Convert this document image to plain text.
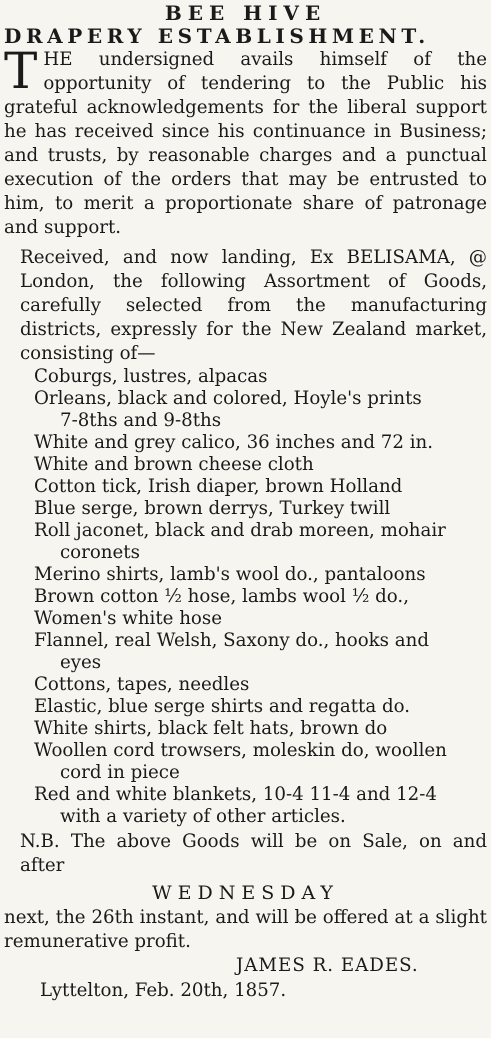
BEE HIVE
DRAPERY ESTABLISHMENT.

T HE undersigned avails himself of the opportunity of tendering to the Public his grateful acknowledgements for the liberal support he has received since his continuance in Business; and trusts, by reasonable charges and a punctual execution of the orders that may be entrusted to him, to merit a proportionate share of patronage and support.

Received, and now landing, Ex BELISAMA, @ London, the following Assortment of Goods, carefully selected from the manufacturing districts, expressly for the New Zealand market, consisting of—

Coburgs, lustres, alpacas
Orleans, black and colored, Hoyle's prints
7-8ths and 9-8ths
White and grey calico, 36 inches and 72 in.
White and brown cheese cloth
Cotton tick, Irish diaper, brown Holland
Blue serge, brown derrys, Turkey twill
Roll jaconet, black and drab moreen, mohair
coronets
Merino shirts, lamb's wool do., pantaloons
Brown cotton ½ hose, lambs wool ½ do.,
Women's white hose
Flannel, real Welsh, Saxony do., hooks and
eyes
Cottons, tapes, needles
Elastic, blue serge shirts and regatta do.
White shirts, black felt hats, brown do
Woollen cord trowsers, moleskin do, woollen
cord in piece
Red and white blankets, 10-4 11-4 and 12-4
with a variety of other articles.

N.B. The above Goods will be on Sale, on and after

WEDNESDAY

next, the 26th instant, and will be offered at a slight remunerative profit.

JAMES R. EADES.

Lyttelton, Feb. 20th, 1857.
